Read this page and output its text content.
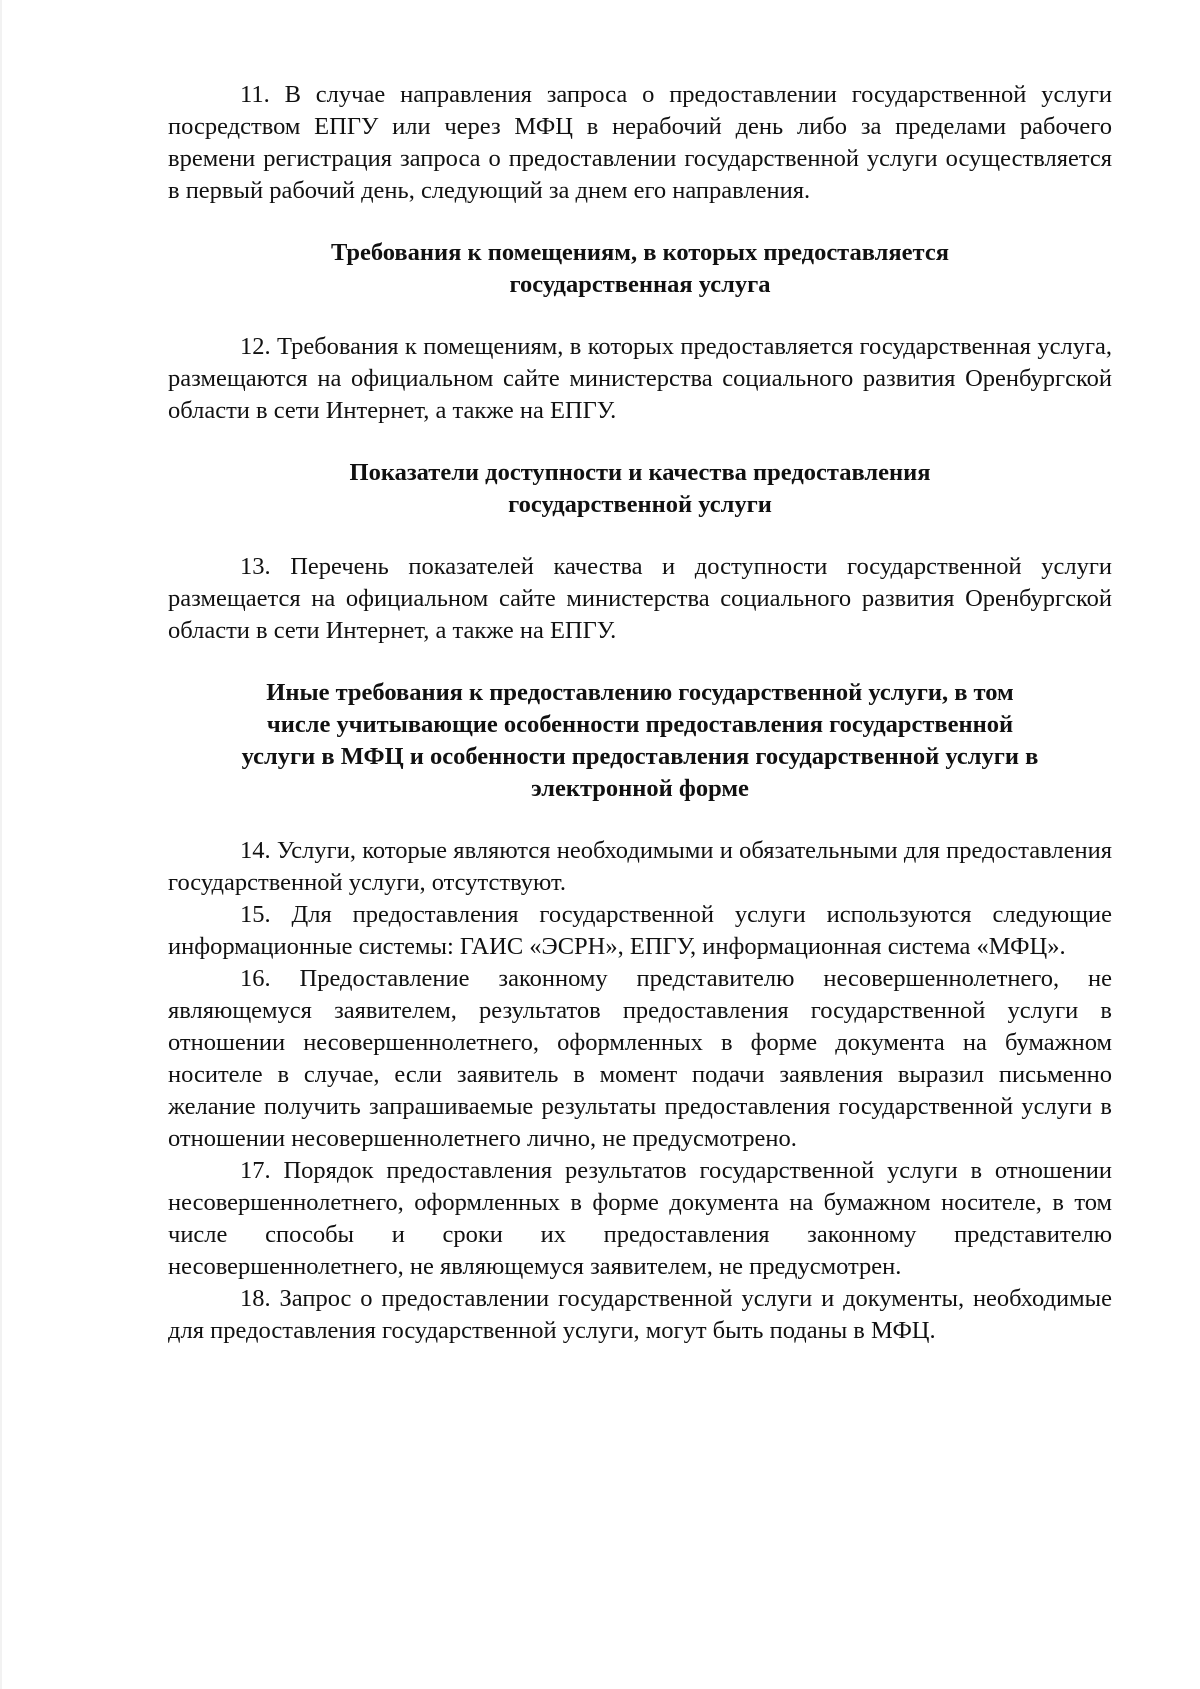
11. В случае направления запроса о предоставлении государственной услуги посредством ЕПГУ или через МФЦ в нерабочий день либо за пределами рабочего времени регистрация запроса о предоставлении государственной услуги осуществляется в первый рабочий день, следующий за днем его направления.

Требования к помещениям, в которых предоставляется
государственная услуга

12. Требования к помещениям, в которых предоставляется государственная услуга, размещаются на официальном сайте министерства социального развития Оренбургской области в сети Интернет, а также на ЕПГУ.

Показатели доступности и качества предоставления
государственной услуги

13. Перечень показателей качества и доступности государственной услуги размещается на официальном сайте министерства социального развития Оренбургской области в сети Интернет, а также на ЕПГУ.

Иные требования к предоставлению государственной услуги, в том
числе учитывающие особенности предоставления государственной
услуги в МФЦ и особенности предоставления государственной услуги в
электронной форме

14. Услуги, которые являются необходимыми и обязательными для предоставления государственной услуги, отсутствуют.

15. Для предоставления государственной услуги используются следующие информационные системы: ГАИС «ЭСРН», ЕПГУ, информационная система «МФЦ».

16. Предоставление законному представителю несовершеннолетнего, не являющемуся заявителем, результатов предоставления государственной услуги в отношении несовершеннолетнего, оформленных в форме документа на бумажном носителе в случае, если заявитель в момент подачи заявления выразил письменно желание получить запрашиваемые результаты предоставления государственной услуги в отношении несовершеннолетнего лично, не предусмотрено.

17. Порядок предоставления результатов государственной услуги в отношении несовершеннолетнего, оформленных в форме документа на бумажном носителе, в том числе способы и сроки их предоставления законному представителю несовершеннолетнего, не являющемуся заявителем, не предусмотрен.

18. Запрос о предоставлении государственной услуги и документы, необходимые для предоставления государственной услуги, могут быть поданы в МФЦ.
